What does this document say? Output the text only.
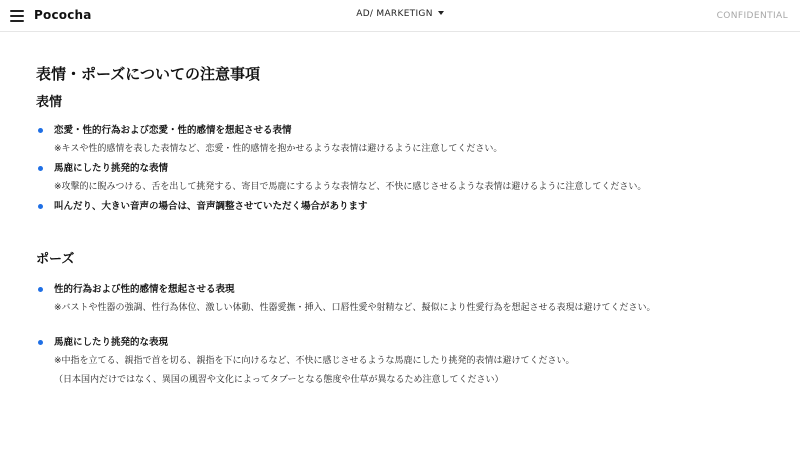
Pococha	AD/ MARKETIGN	CONFIDENTIAL
表情・ポーズについての注意事項
表情
恋愛・性的行為および恋愛・性的感情を想起させる表情
※キスや性的感情を表した表情など、恋愛・性的感情を抱かせるような表情は避けるように注意してください。
馬鹿にしたり挑発的な表情
※攻撃的に睨みつける、舌を出して挑発する、寄目で馬鹿にするような表情など、不快に感じさせるような表情は避けるように注意してください。
叫んだり、大きい音声の場合は、音声調整させていただく場合があります
ポーズ
性的行為および性的感情を想起させる表現
※バストや性器の強調、性行為体位、激しい体動、性器愛撫・挿入、口唇性愛や射精など、擬似により性愛行為を想起させる表現は避けてください。
馬鹿にしたり挑発的な表現
※中指を立てる、親指で首を切る、親指を下に向けるなど、不快に感じさせるような馬鹿にしたり挑発的表情は避けてください。
（日本国内だけではなく、異国の風習や文化によってタブーとなる態度や仕草が異なるため注意してください）
